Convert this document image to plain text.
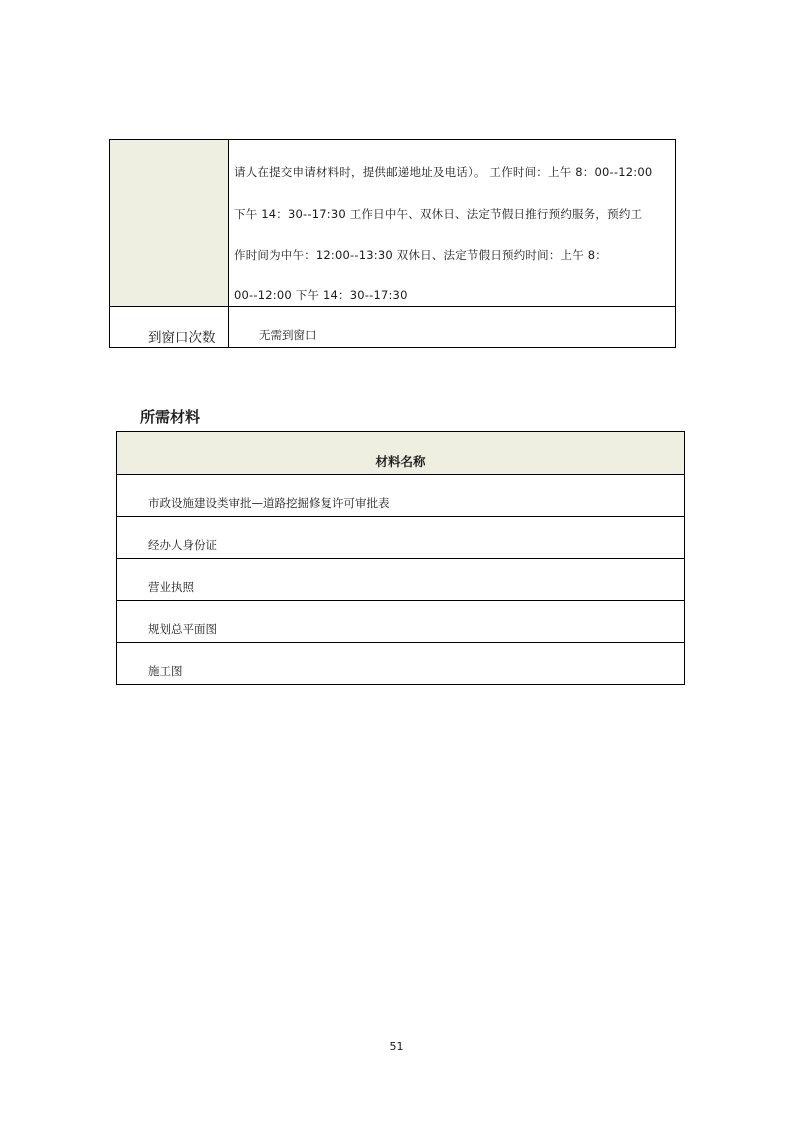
请人在提交申请材料时，提供邮递地址及电话）。 工作时间：上午 8：00--12:00
下午 14：30--17:30 工作日中午、双休日、法定节假日推行预约服务，预约工
作时间为中午：12:00--13:30 双休日、法定节假日预约时间：上午 8：
00--12:00 下午 14：30--17:30
到窗口次数	无需到窗口
所需材料
材料名称
市政设施建设类审批—道路挖掘修复许可审批表
经办人身份证
营业执照
规划总平面图
施工图
51
